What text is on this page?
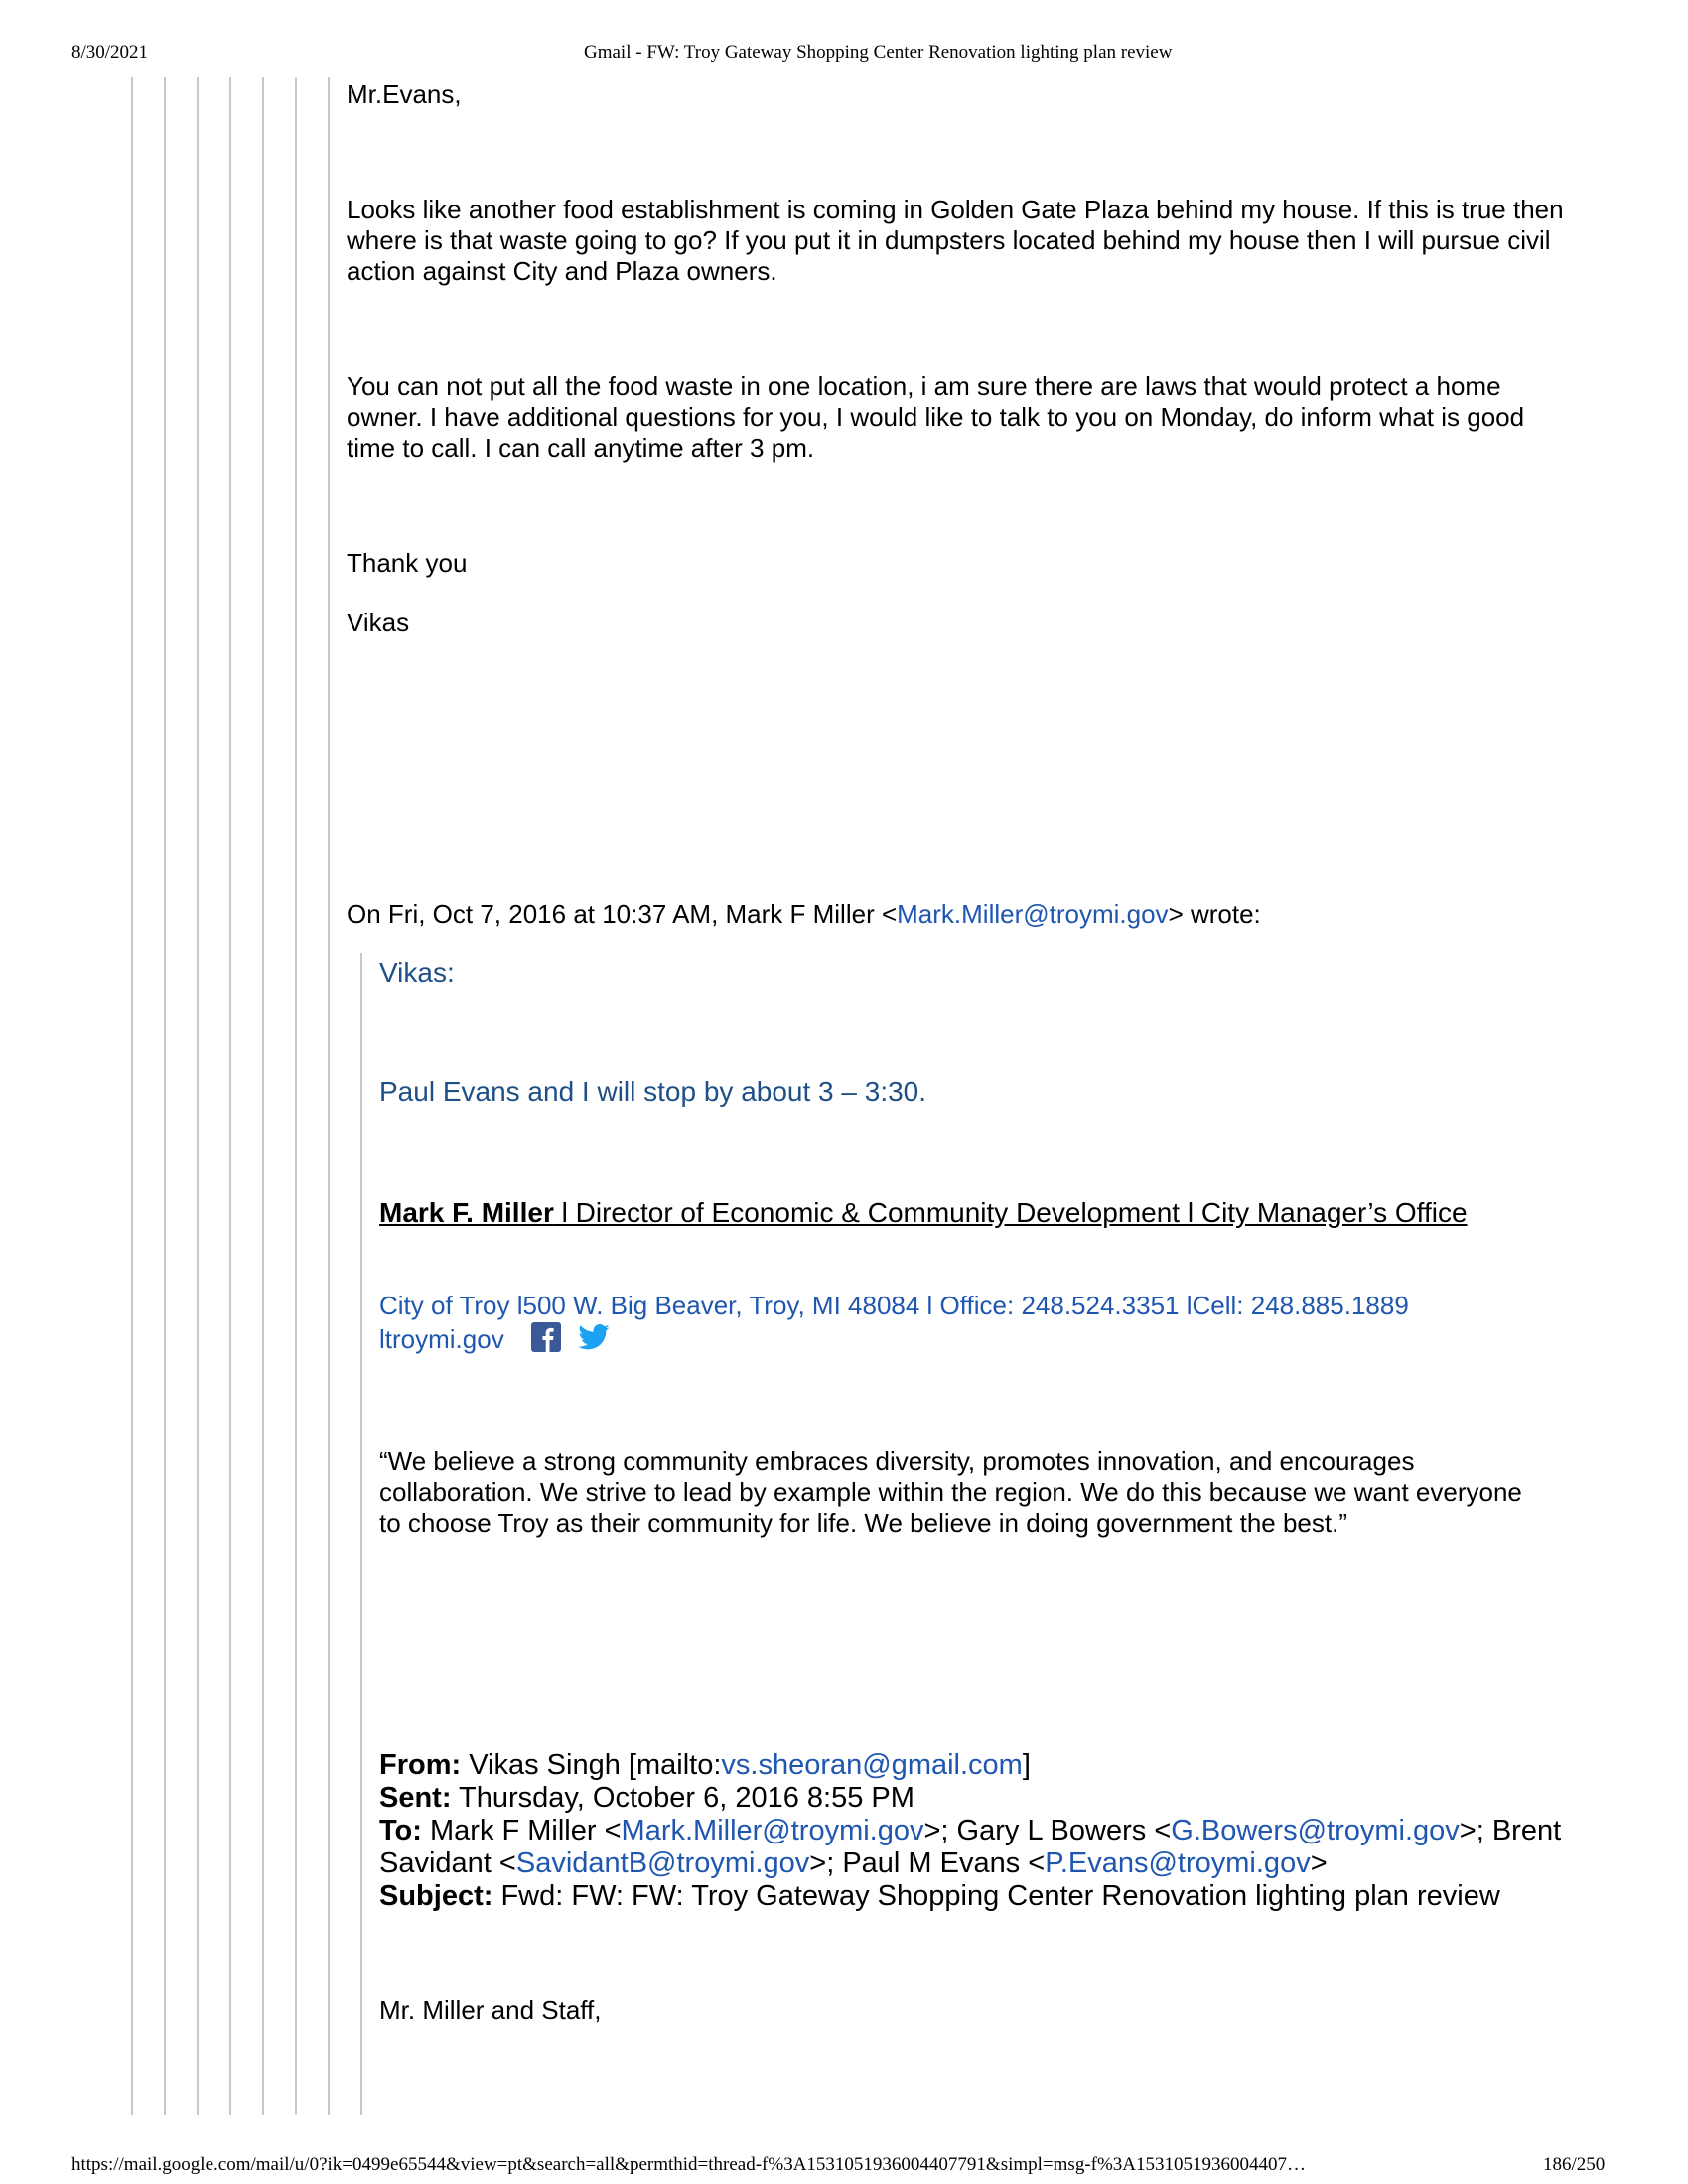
8/30/2021	Gmail - FW: Troy Gateway Shopping Center Renovation lighting plan review
Mr.Evans,
Looks like another food establishment is coming in Golden Gate Plaza behind my house. If this is true then where is that waste going to go? If you put it in dumpsters located behind my house then I will pursue civil action against City and Plaza owners.
You can not put all the food waste in one location, i am sure there are laws that would protect a home owner. I have additional questions for you, I would like to talk to you on Monday, do inform what is good time to call. I can call anytime after 3 pm.
Thank you
Vikas
On Fri, Oct 7, 2016 at 10:37 AM, Mark F Miller <Mark.Miller@troymi.gov> wrote:
Vikas:
Paul Evans and I will stop by about 3 – 3:30.
Mark F. Miller l Director of Economic & Community Development l City Manager’s Office
City of Troy l500 W. Big Beaver, Troy, MI 48084 l Office: 248.524.3351 lCell: 248.885.1889
ltroymi.gov
“We believe a strong community embraces diversity, promotes innovation, and encourages collaboration. We strive to lead by example within the region. We do this because we want everyone to choose Troy as their community for life. We believe in doing government the best.”
From: Vikas Singh [mailto:vs.sheoran@gmail.com]
Sent: Thursday, October 6, 2016 8:55 PM
To: Mark F Miller <Mark.Miller@troymi.gov>; Gary L Bowers <G.Bowers@troymi.gov>; Brent Savidant <SavidantB@troymi.gov>; Paul M Evans <P.Evans@troymi.gov>
Subject: Fwd: FW: FW: Troy Gateway Shopping Center Renovation lighting plan review
Mr. Miller and Staff,
https://mail.google.com/mail/u/0?ik=0499e65544&view=pt&search=all&permthid=thread-f%3A1531051936004407791&simpl=msg-f%3A1531051936004407…	186/250
